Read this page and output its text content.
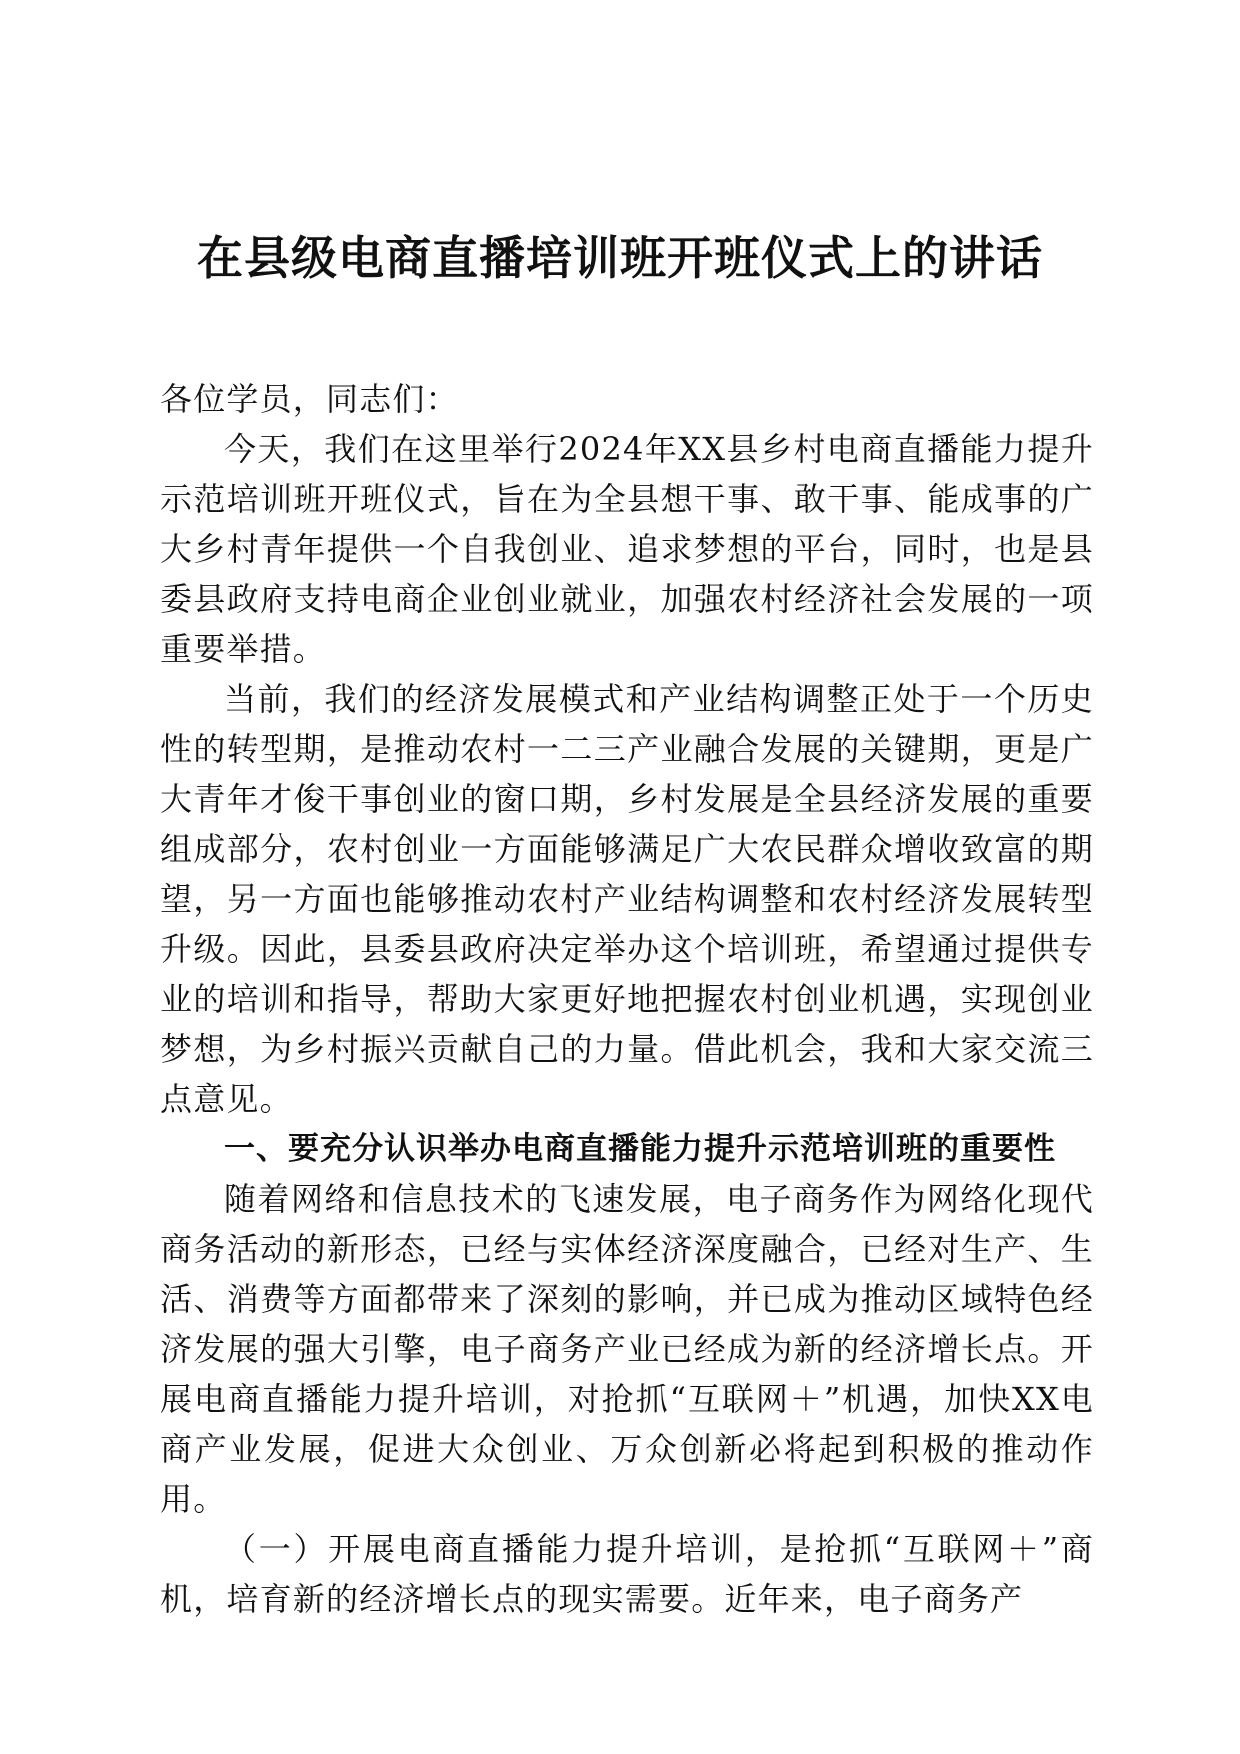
在县级电商直播培训班开班仪式上的讲话

各位学员，同志们：

今天，我们在这里举行2024年XX县乡村电商直播能力提升示范培训班开班仪式，旨在为全县想干事、敢干事、能成事的广大乡村青年提供一个自我创业、追求梦想的平台，同时，也是县委县政府支持电商企业创业就业，加强农村经济社会发展的一项重要举措。

当前，我们的经济发展模式和产业结构调整正处于一个历史性的转型期，是推动农村一二三产业融合发展的关键期，更是广大青年才俊干事创业的窗口期，乡村发展是全县经济发展的重要组成部分，农村创业一方面能够满足广大农民群众增收致富的期望，另一方面也能够推动农村产业结构调整和农村经济发展转型升级。因此，县委县政府决定举办这个培训班，希望通过提供专业的培训和指导，帮助大家更好地把握农村创业机遇，实现创业梦想，为乡村振兴贡献自己的力量。借此机会，我和大家交流三点意见。

一、要充分认识举办电商直播能力提升示范培训班的重要性

随着网络和信息技术的飞速发展，电子商务作为网络化现代商务活动的新形态，已经与实体经济深度融合，已经对生产、生活、消费等方面都带来了深刻的影响，并已成为推动区域特色经济发展的强大引擎，电子商务产业已经成为新的经济增长点。开展电商直播能力提升培训，对抢抓“互联网＋”机遇，加快XX电商产业发展，促进大众创业、万众创新必将起到积极的推动作用。

（一）开展电商直播能力提升培训，是抢抓“互联网＋”商机，培育新的经济增长点的现实需要。近年来，电子商务产
